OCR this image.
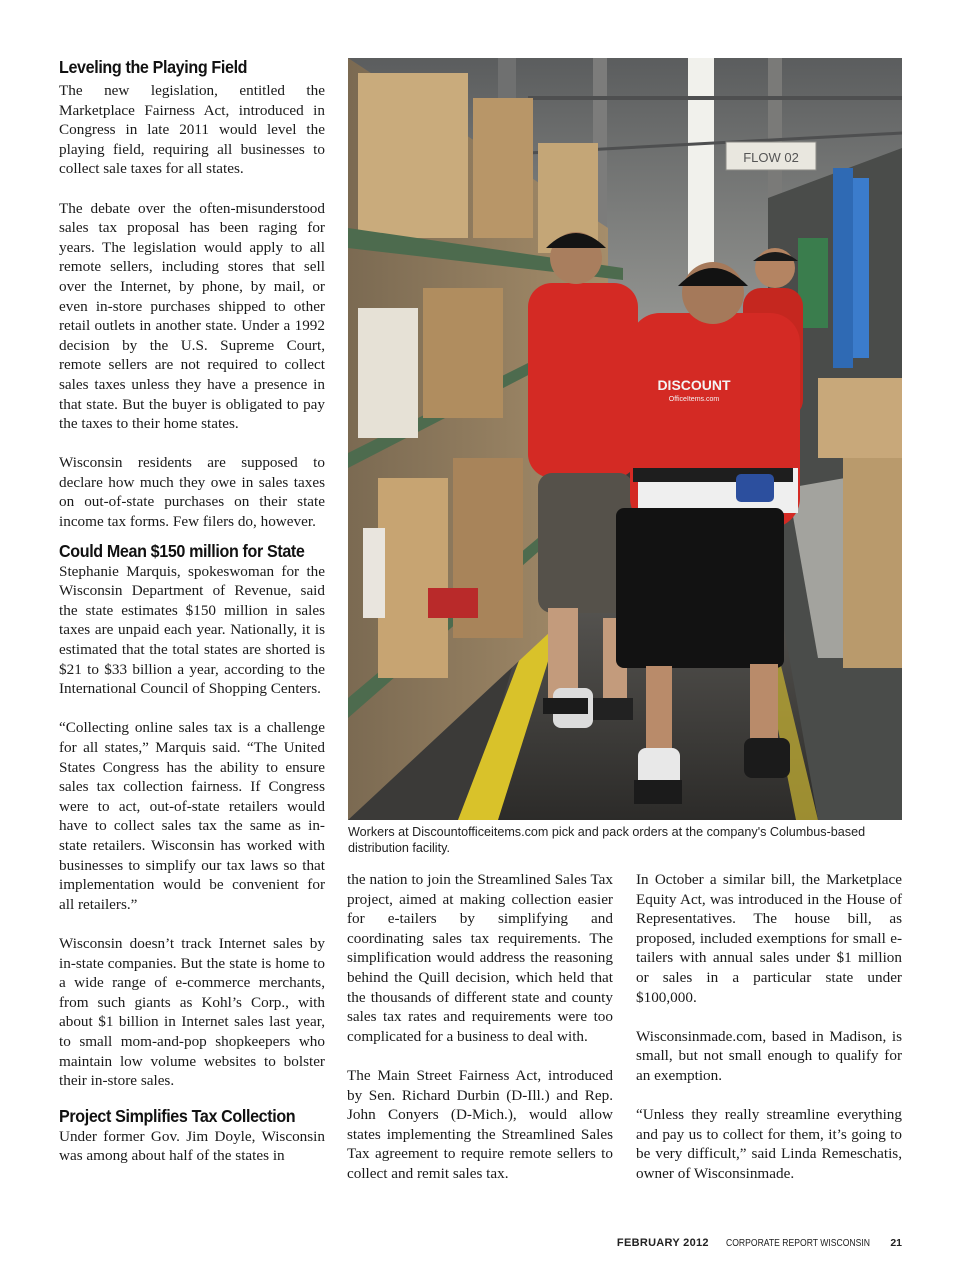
Leveling the Playing Field

The new legislation, entitled the Marketplace Fairness Act, introduced in Congress in late 2011 would level the playing field, requiring all businesses to collect sale taxes for all states.

The debate over the often-misunderstood sales tax proposal has been raging for years. The legislation would apply to all remote sellers, including stores that sell over the Internet, by phone, by mail, or even in-store purchases shipped to other retail outlets in another state. Under a 1992 decision by the U.S. Supreme Court, remote sellers are not required to collect sales taxes unless they have a presence in that state. But the buyer is obligated to pay the taxes to their home states.

Wisconsin residents are supposed to declare how much they owe in sales taxes on out-of-state purchases on their state income tax forms. Few filers do, however.

Could Mean $150 million for State

Stephanie Marquis, spokeswoman for the Wisconsin Department of Revenue, said the state estimates $150 million in sales taxes are unpaid each year. Nationally, it is estimated that the total states are shorted is $21 to $33 billion a year, according to the International Council of Shopping Centers.

“Collecting online sales tax is a challenge for all states,” Marquis said. “The United States Congress has the ability to ensure sales tax collection fairness. If Congress were to act, out-of-state retailers would have to collect sales tax the same as in-state retailers. Wisconsin has worked with businesses to simplify our tax laws so that implementation would be convenient for all retailers.”

Wisconsin doesn’t track Internet sales by in-state companies. But the state is home to a wide range of e-commerce merchants, from such giants as Kohl’s Corp., with about $1 billion in Internet sales last year, to small mom-and-pop shopkeepers who maintain low volume websites to bolster their in-store sales.

Project Simplifies Tax Collection

Under former Gov. Jim Doyle, Wisconsin was among about half of the states in

FLOW 02
DISCOUNT
OfficeItems.com
Workers at Discountofficeitems.com pick and pack orders at the company's Columbus-based distribution facility.

the nation to join the Streamlined Sales Tax project, aimed at making collection easier for e-tailers by simplifying and coordinating sales tax requirements. The simplification would address the reasoning behind the Quill decision, which held that the thousands of different state and county sales tax rates and requirements were too complicated for a business to deal with.

The Main Street Fairness Act, introduced by Sen. Richard Durbin (D-Ill.) and Rep. John Conyers (D-Mich.), would allow states implementing the Streamlined Sales Tax agreement to require remote sellers to collect and remit sales tax.

In October a similar bill, the Marketplace Equity Act, was introduced in the House of Representatives. The house bill, as proposed, included exemptions for small e-tailers with annual sales under $1 million or sales in a particular state under $100,000.

Wisconsinmade.com, based in Madison, is small, but not small enough to qualify for an exemption.

“Unless they really streamline everything and pay us to collect for them, it’s going to be very difficult,” said Linda Remeschatis, owner of Wisconsinmade.

FEBRUARY 2012 CORPORATE REPORT WISCONSIN 21
